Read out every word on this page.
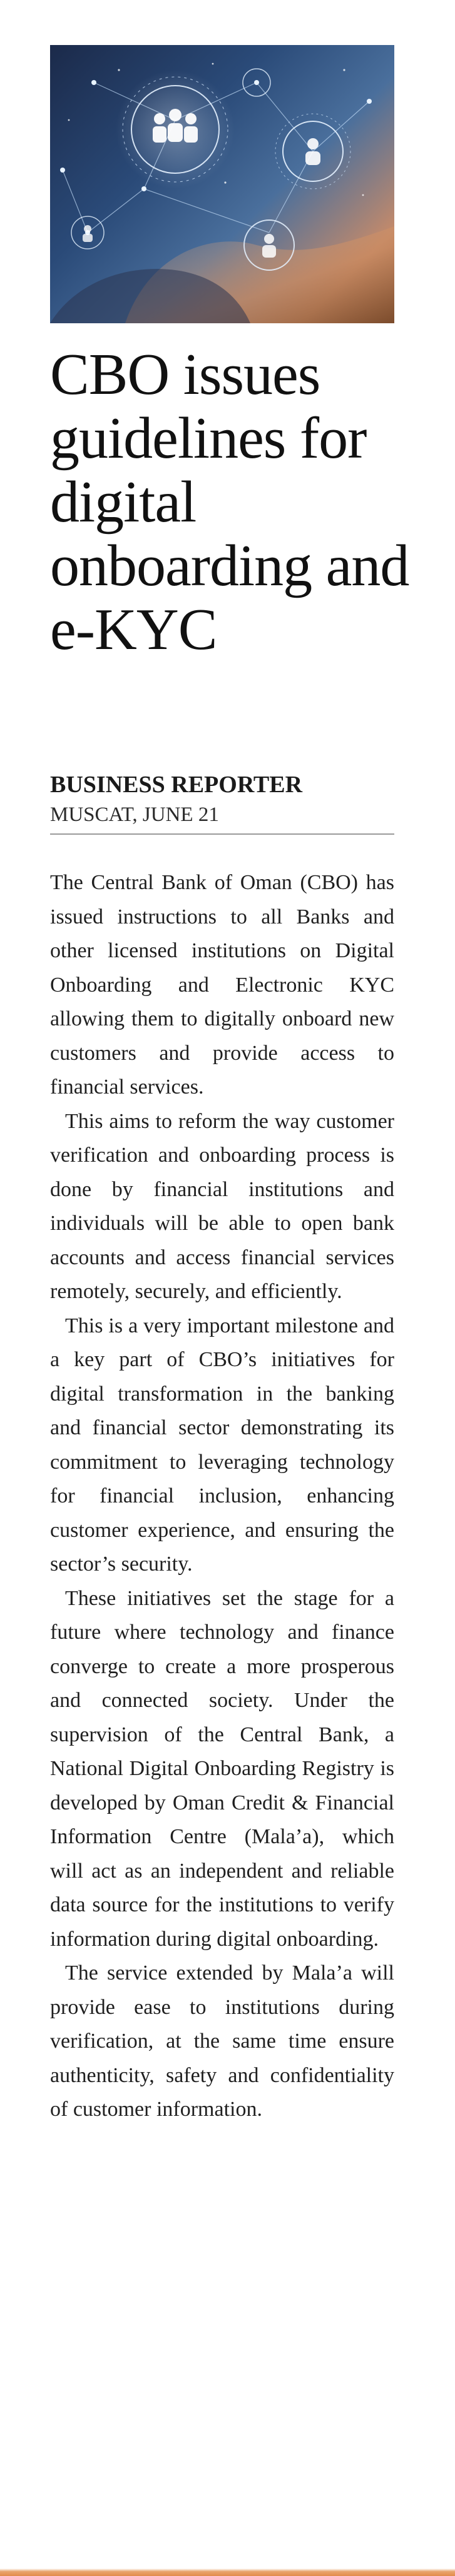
CBO issues guidelines for digital onboarding and e-KYC

BUSINESS REPORTER

MUSCAT, JUNE 21

The Central Bank of Oman (CBO) has issued instructions to all Banks and other licensed institutions on Digital Onboarding and Electronic KYC allowing them to digitally onboard new customers and provide access to financial services.

This aims to reform the way customer verification and onboarding process is done by financial institutions and individuals will be able to open bank accounts and access financial services remotely, securely, and efficiently.

This is a very important milestone and a key part of CBO’s initiatives for digital transformation in the banking and financial sector demonstrating its commitment to leveraging technology for financial inclusion, enhancing customer experience, and ensuring the sector’s security.

These initiatives set the stage for a future where technology and finance converge to create a more prosperous and connected society. Under the supervision of the Central Bank, a National Digital Onboarding Registry is developed by Oman Credit & Financial Information Centre (Mala’a), which will act as an independent and reliable data source for the institutions to verify information during digital onboarding.

The service extended by Mala’a will provide ease to institutions during verification, at the same time ensure authenticity, safety and confidentiality of customer information.
